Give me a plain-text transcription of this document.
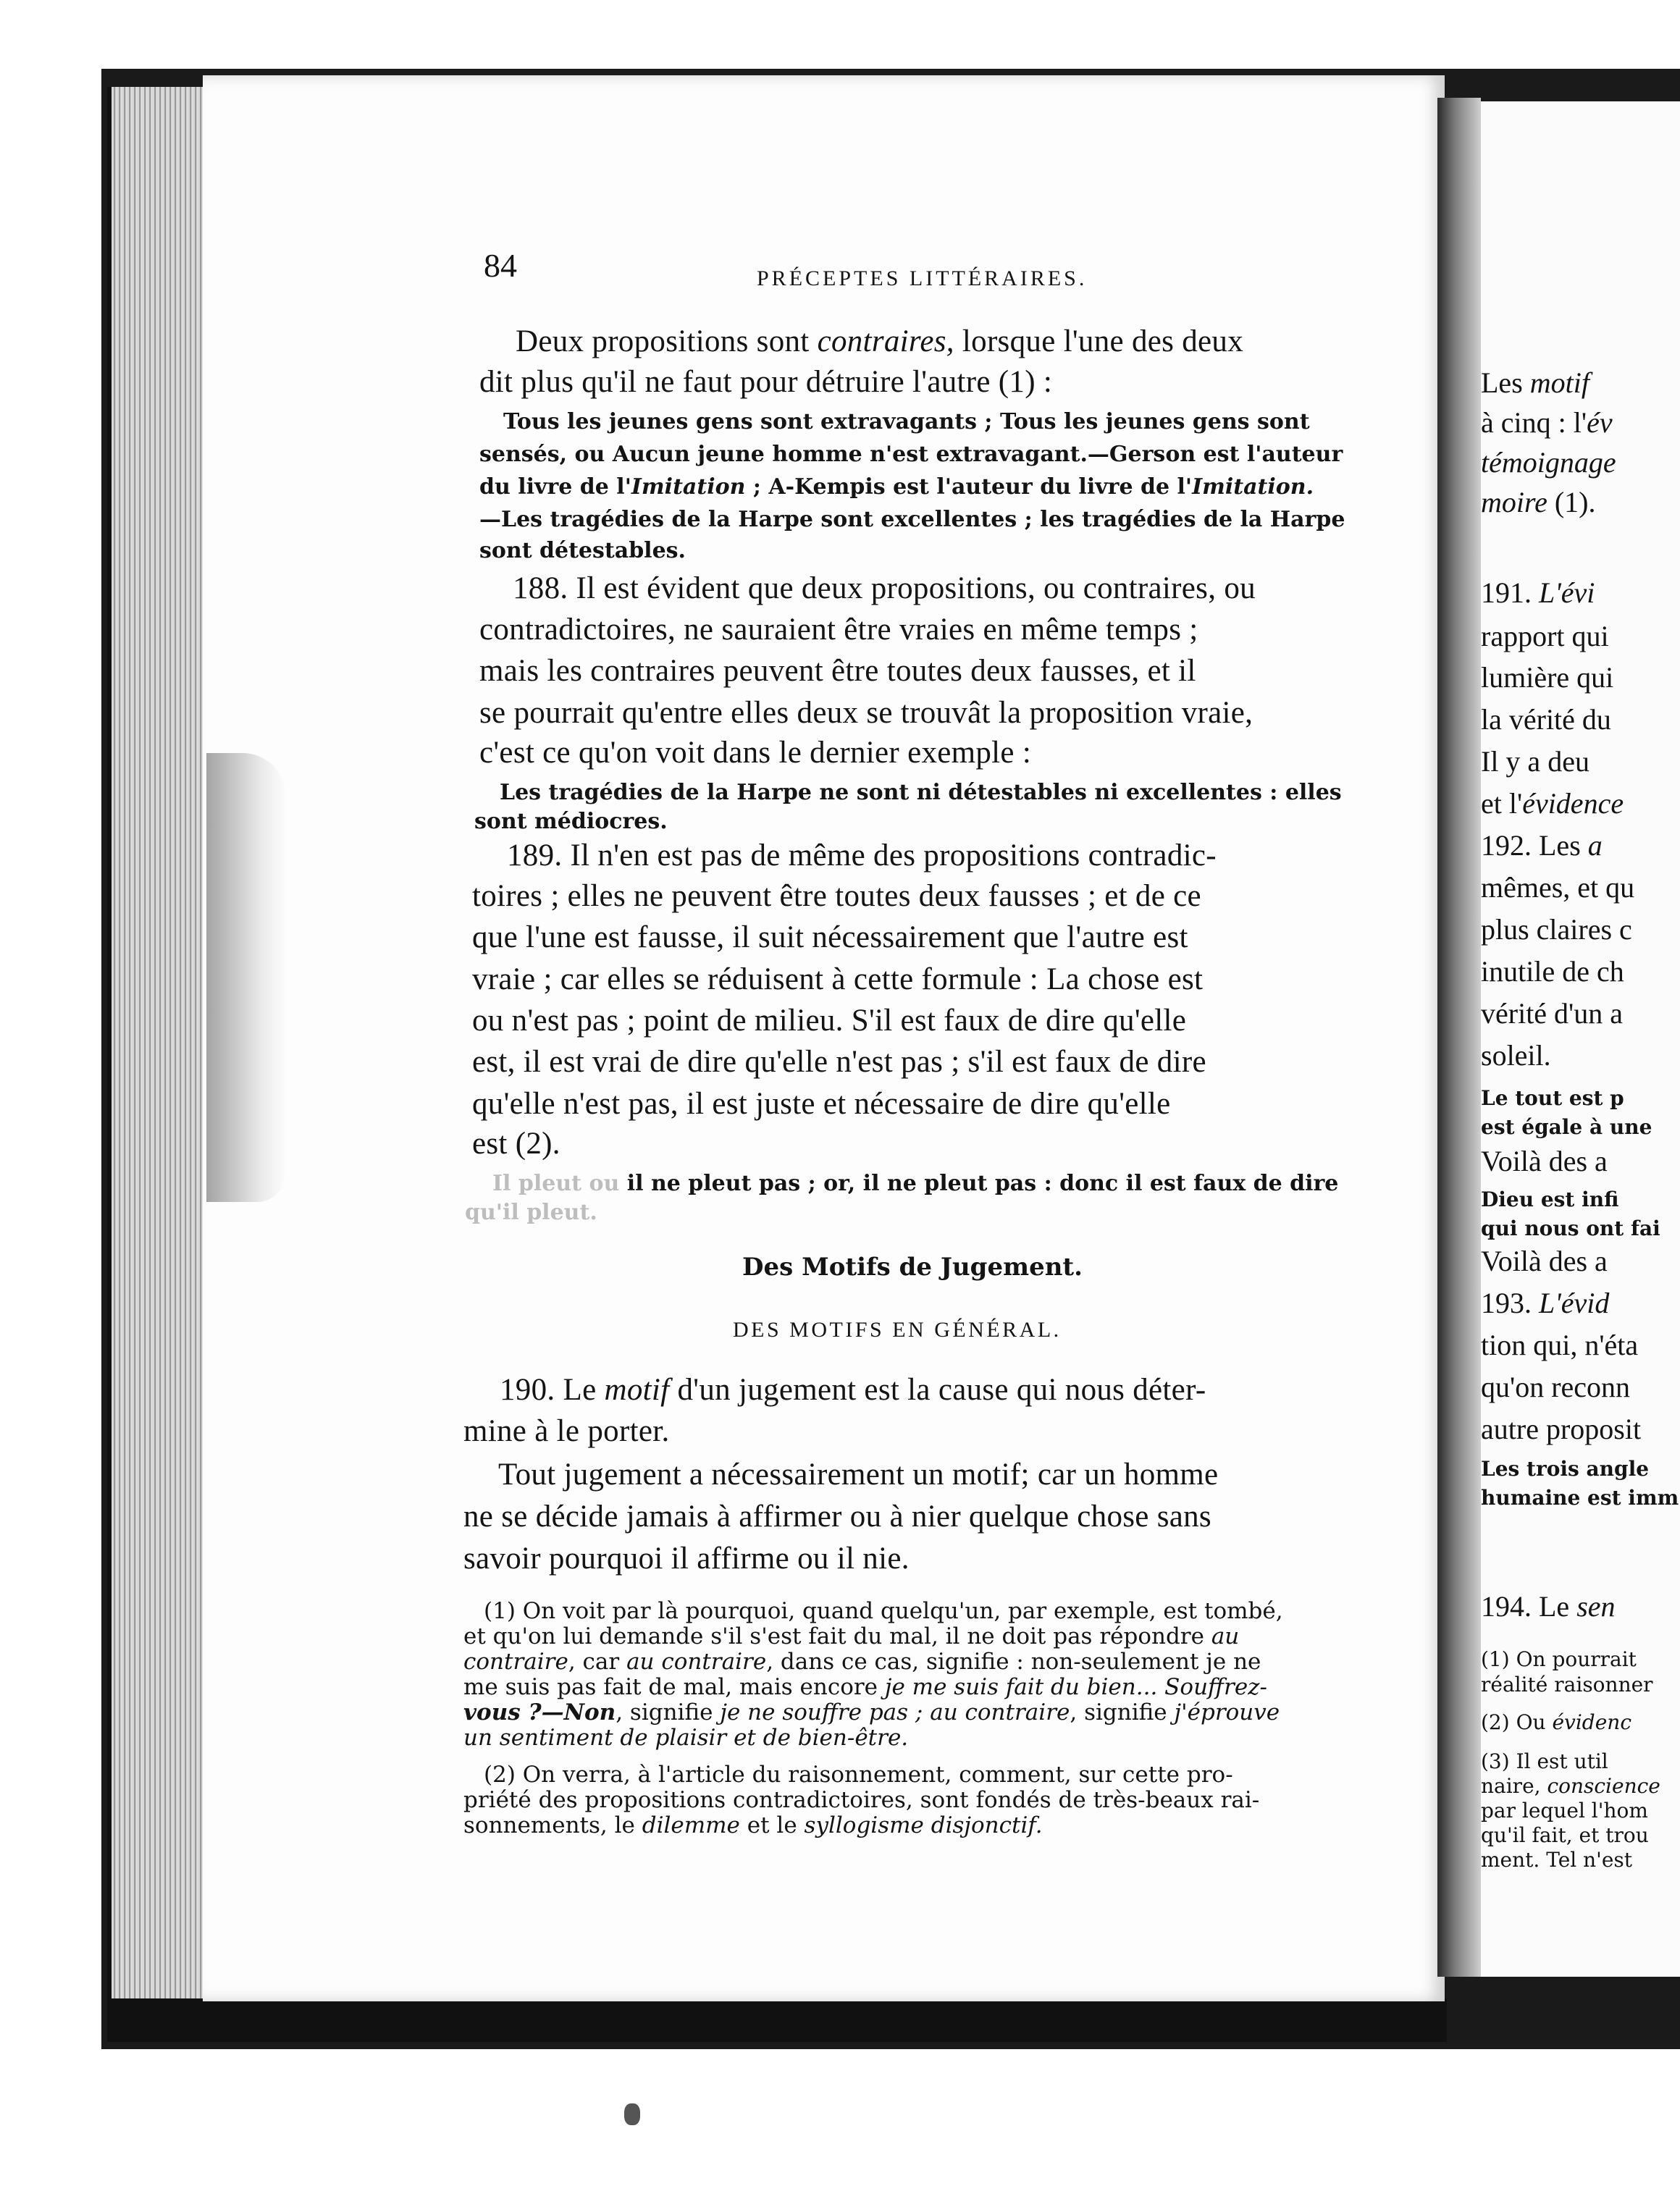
Les motif

à cinq : l'év

témoignage

moire (1).

191. L'évi

rapport qui

lumière qui

la vérité du

Il y a deu

et l'évidence

192. Les a

mêmes, et qu

plus claires c

inutile de ch

vérité d'un a

soleil.

Le tout est p

est égale à une

Voilà des a

Dieu est infi

qui nous ont fai

Voilà des a

193. L'évid

tion qui, n'éta

qu'on reconn

autre proposit

Les trois angle

humaine est imm

194. Le sen

(1) On pourrait

réalité raisonner

(2) Ou évidenc

(3) Il est util

naire, conscience

par lequel l'hom

qu'il fait, et trou

ment. Tel n'est

84	PRÉCEPTES LITTÉRAIRES.

Deux propositions sont contraires, lorsque l'une des deux

dit plus qu'il ne faut pour détruire l'autre (1) :

Tous les jeunes gens sont extravagants ; Tous les jeunes gens sont

sensés, ou Aucun jeune homme n'est extravagant.—Gerson est l'auteur

du livre de l'Imitation ; A-Kempis est l'auteur du livre de l'Imitation.

—Les tragédies de la Harpe sont excellentes ; les tragédies de la Harpe

sont détestables.

188. Il est évident que deux propositions, ou contraires, ou

contradictoires, ne sauraient être vraies en même temps ;

mais les contraires peuvent être toutes deux fausses, et il

se pourrait qu'entre elles deux se trouvât la proposition vraie,

c'est ce qu'on voit dans le dernier exemple :

Les tragédies de la Harpe ne sont ni détestables ni excellentes : elles

sont médiocres.

189. Il n'en est pas de même des propositions contradic-

toires ; elles ne peuvent être toutes deux fausses ; et de ce

que l'une est fausse, il suit nécessairement que l'autre est

vraie ; car elles se réduisent à cette formule : La chose est

ou n'est pas ; point de milieu. S'il est faux de dire qu'elle

est, il est vrai de dire qu'elle n'est pas ; s'il est faux de dire

qu'elle n'est pas, il est juste et nécessaire de dire qu'elle

est (2).

Il pleut ou il ne pleut pas ; or, il ne pleut pas : donc il est faux de dire

qu'il pleut.

Des Motifs de Jugement.

DES MOTIFS EN GÉNÉRAL.

190. Le motif d'un jugement est la cause qui nous déter-

mine à le porter.

Tout jugement a nécessairement un motif; car un homme

ne se décide jamais à affirmer ou à nier quelque chose sans

savoir pourquoi il affirme ou il nie.

(1) On voit par là pourquoi, quand quelqu'un, par exemple, est tombé,

et qu'on lui demande s'il s'est fait du mal, il ne doit pas répondre au

contraire, car au contraire, dans ce cas, signifie : non-seulement je ne

me suis pas fait de mal, mais encore je me suis fait du bien... Souffrez-

vous ?—Non, signifie je ne souffre pas ; au contraire, signifie j'éprouve

un sentiment de plaisir et de bien-être.

(2) On verra, à l'article du raisonnement, comment, sur cette pro-

priété des propositions contradictoires, sont fondés de très-beaux rai-

sonnements, le dilemme et le syllogisme disjonctif.
